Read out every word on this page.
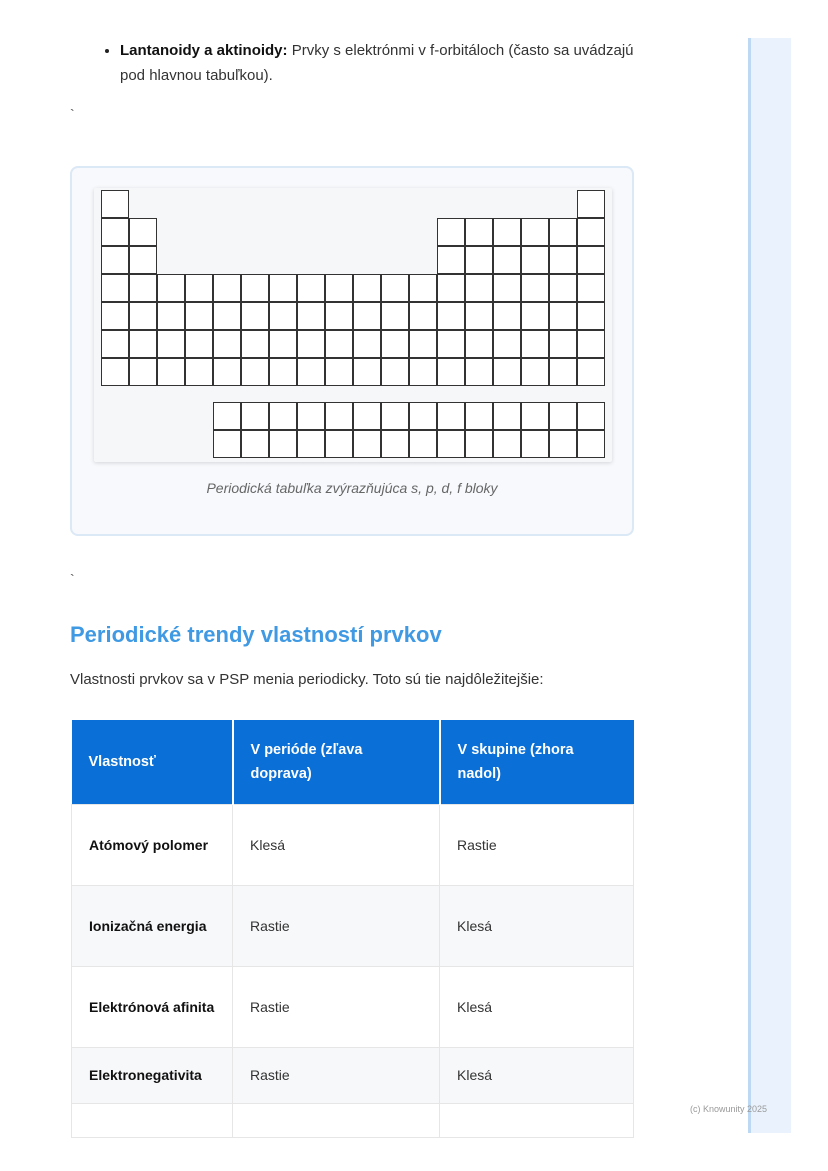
• Lantanoidy a aktinoidy: Prvky s elektrónmi v f-orbitáloch (často sa uvádzajú pod hlavnou tabuľkou).
`
Periodická tabuľka zvýrazňujúca s, p, d, f bloky
`
Periodické trendy vlastností prvkov

Vlastnosti prvkov sa v PSP menia periodicky. Toto sú tie najdôležitejšie:

Vlastnosť	V perióde (zľava doprava)	V skupine (zhora nadol)
Atómový polomer	Klesá	Rastie
Ionizačná energia	Rastie	Klesá
Elektrónová afinita	Rastie	Klesá
Elektronegativita	Rastie	Klesá

(c) Knowunity 2025
